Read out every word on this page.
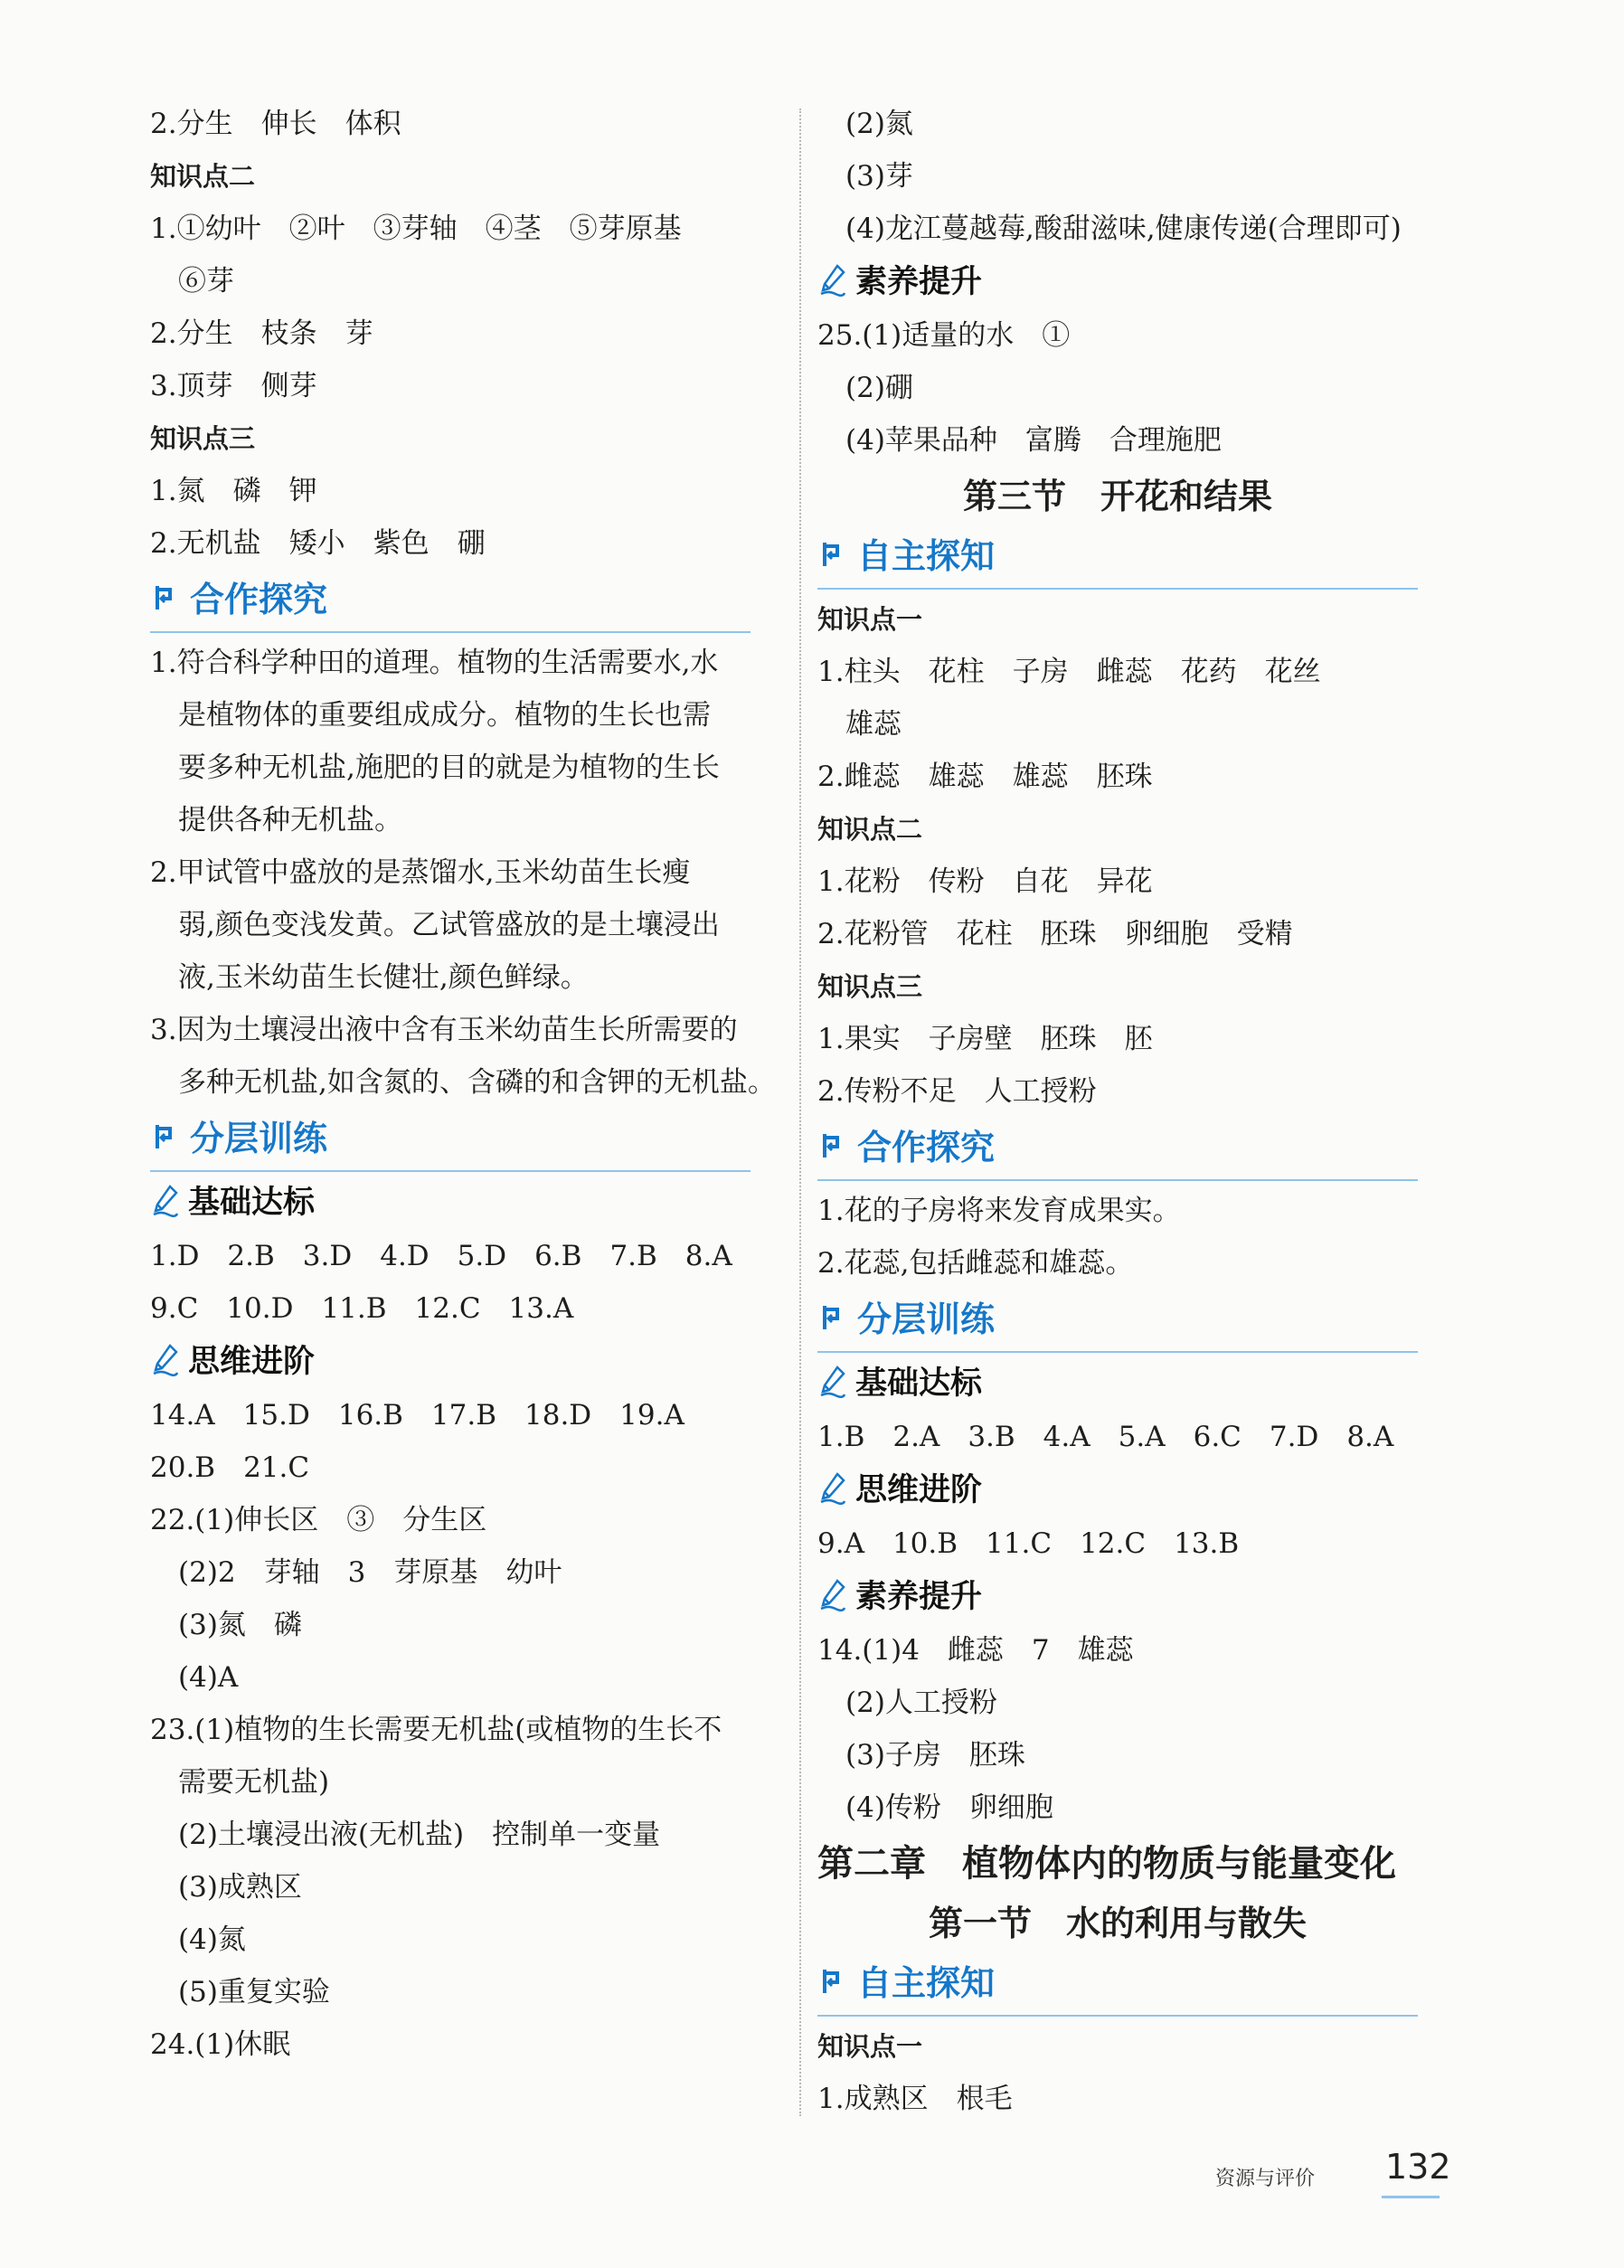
2.分生　伸长　体积
知识点二
1.①幼叶　②叶　③芽轴　④茎　⑤芽原基
　⑥芽
2.分生　枝条　芽
3.顶芽　侧芽
知识点三
1.氮　磷　钾
2.无机盐　矮小　紫色　硼
合作探究
1.符合科学种田的道理。植物的生活需要水,水
　是植物体的重要组成成分。植物的生长也需
　要多种无机盐,施肥的目的就是为植物的生长
　提供各种无机盐。
2.甲试管中盛放的是蒸馏水,玉米幼苗生长瘦
　弱,颜色变浅发黄。乙试管盛放的是土壤浸出
　液,玉米幼苗生长健壮,颜色鲜绿。
3.因为土壤浸出液中含有玉米幼苗生长所需要的
　多种无机盐,如含氮的、含磷的和含钾的无机盐。
分层训练
基础达标
1.D　2.B　3.D　4.D　5.D　6.B　7.B　8.A
9.C　10.D　11.B　12.C　13.A
思维进阶
14.A　15.D　16.B　17.B　18.D　19.A
20.B　21.C
22.(1)伸长区　③　分生区
　(2)2　芽轴　3　芽原基　幼叶
　(3)氮　磷
　(4)A
23.(1)植物的生长需要无机盐(或植物的生长不
　需要无机盐)
　(2)土壤浸出液(无机盐)　控制单一变量
　(3)成熟区
　(4)氮
　(5)重复实验
24.(1)休眠
　(2)氮
　(3)芽
　(4)龙江蔓越莓,酸甜滋味,健康传递(合理即可)
素养提升
25.(1)适量的水　①
　(2)硼
　(4)苹果品种　富腾　合理施肥
第三节　开花和结果
自主探知
知识点一
1.柱头　花柱　子房　雌蕊　花药　花丝
　雄蕊
2.雌蕊　雄蕊　雄蕊　胚珠
知识点二
1.花粉　传粉　自花　异花
2.花粉管　花柱　胚珠　卵细胞　受精
知识点三
1.果实　子房壁　胚珠　胚
2.传粉不足　人工授粉
合作探究
1.花的子房将来发育成果实。
2.花蕊,包括雌蕊和雄蕊。
分层训练
基础达标
1.B　2.A　3.B　4.A　5.A　6.C　7.D　8.A
思维进阶
9.A　10.B　11.C　12.C　13.B
素养提升
14.(1)4　雌蕊　7　雄蕊
　(2)人工授粉
　(3)子房　胚珠
　(4)传粉　卵细胞
第二章　植物体内的物质与能量变化
第一节　水的利用与散失
自主探知
知识点一
1.成熟区　根毛
资源与评价 132
